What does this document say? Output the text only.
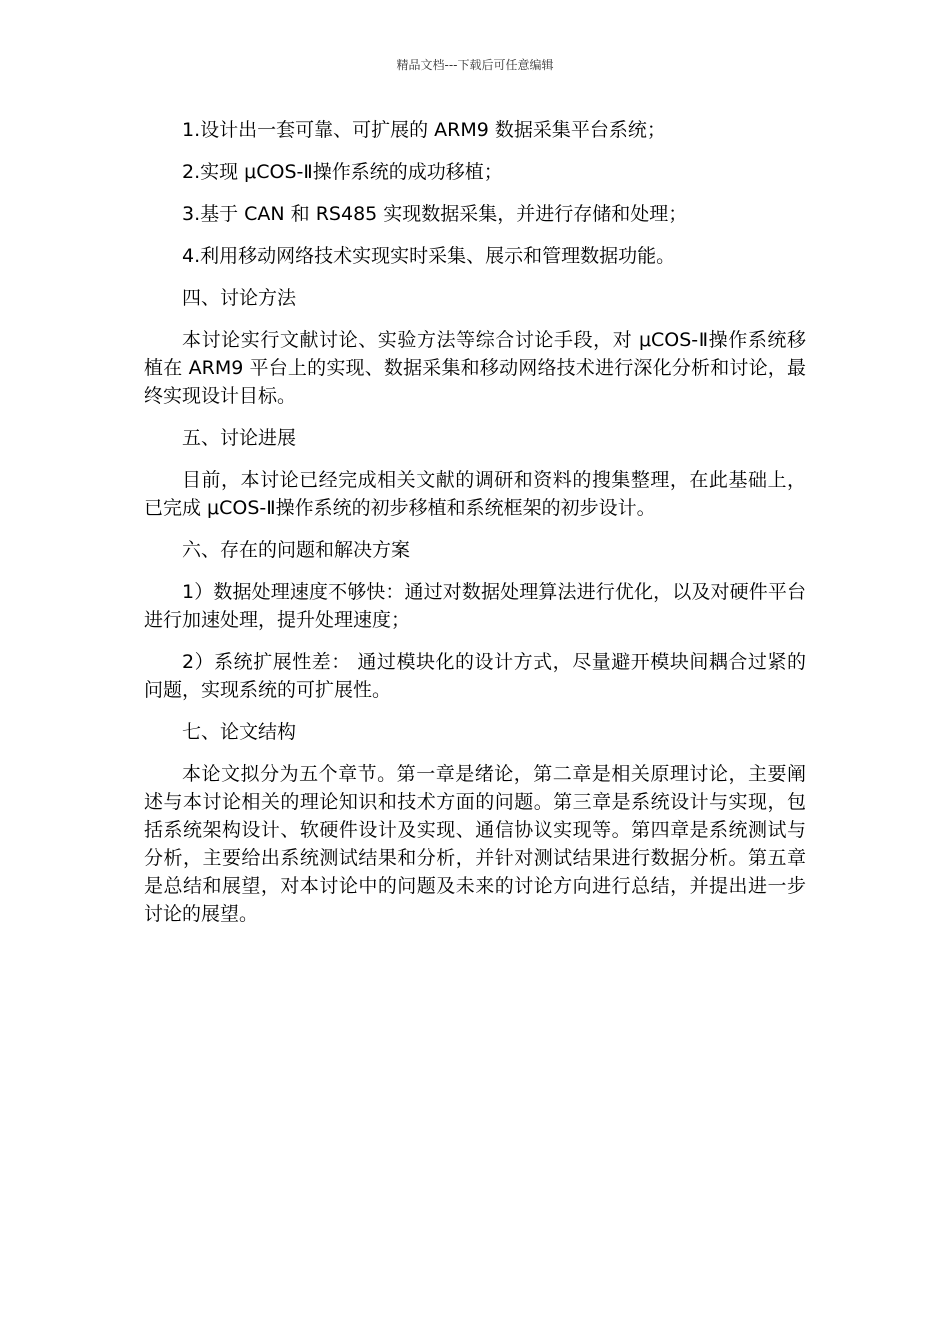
精品文档---下载后可任意编辑

1.设计出一套可靠、可扩展的 ARM9 数据采集平台系统；

2.实现 μCOS-Ⅱ操作系统的成功移植；

3.基于 CAN 和 RS485 实现数据采集，并进行存储和处理；

4.利用移动网络技术实现实时采集、展示和管理数据功能。

四、讨论方法

本讨论实行文献讨论、实验方法等综合讨论手段，对 μCOS-Ⅱ操作系统移植在 ARM9 平台上的实现、数据采集和移动网络技术进行深化分析和讨论，最终实现设计目标。

五、讨论进展

目前，本讨论已经完成相关文献的调研和资料的搜集整理，在此基础上，已完成 μCOS-Ⅱ操作系统的初步移植和系统框架的初步设计。

六、存在的问题和解决方案

1）数据处理速度不够快：通过对数据处理算法进行优化，以及对硬件平台进行加速处理，提升处理速度；

2）系统扩展性差： 通过模块化的设计方式，尽量避开模块间耦合过紧的问题，实现系统的可扩展性。

七、论文结构

本论文拟分为五个章节。第一章是绪论，第二章是相关原理讨论，主要阐述与本讨论相关的理论知识和技术方面的问题。第三章是系统设计与实现，包括系统架构设计、软硬件设计及实现、通信协议实现等。第四章是系统测试与分析，主要给出系统测试结果和分析，并针对测试结果进行数据分析。第五章是总结和展望，对本讨论中的问题及未来的讨论方向进行总结，并提出进一步讨论的展望。
